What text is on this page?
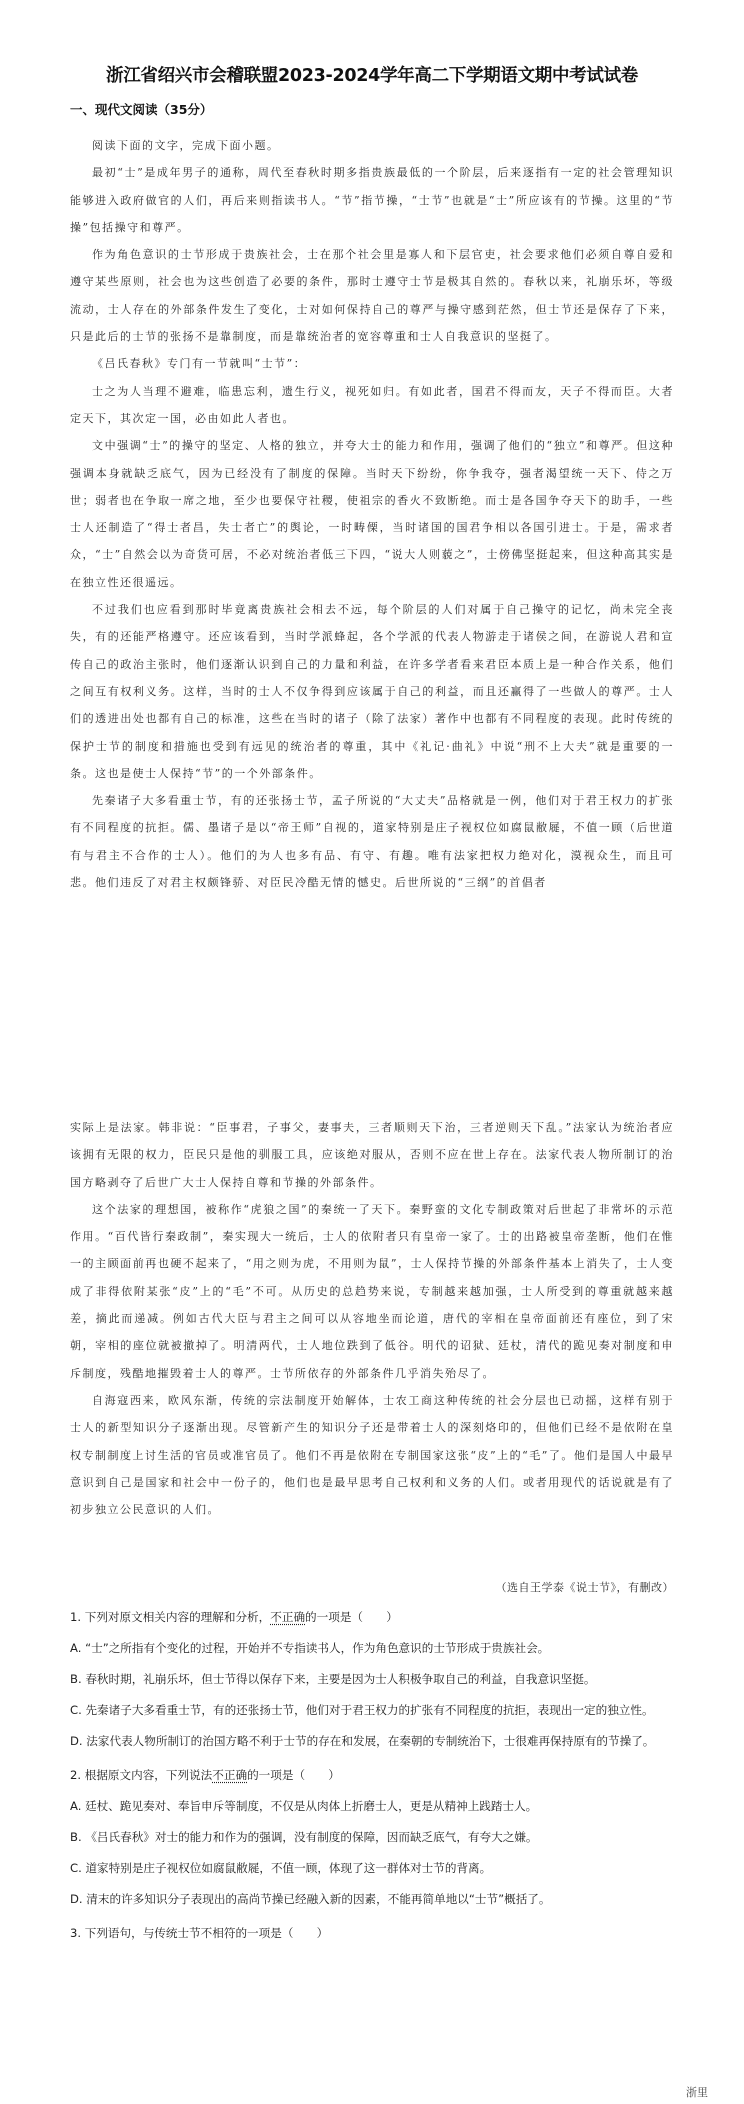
浙江省绍兴市会稽联盟2023-2024学年高二下学期语文期中考试试卷
一、现代文阅读（35分）

阅读下面的文字，完成下面小题。

最初“士”是成年男子的通称，周代至春秋时期多指贵族最低的一个阶层，后来逐指有一定的社会管理知识能够进入政府做官的人们，再后来则指读书人。“节”指节操，“士节”也就是“士”所应该有的节操。这里的“节操”包括操守和尊严。

作为角色意识的士节形成于贵族社会，士在那个社会里是寡人和下层官吏，社会要求他们必须自尊自爱和遵守某些原则，社会也为这些创造了必要的条件，那时士遵守士节是极其自然的。春秋以来，礼崩乐坏，等级流动，士人存在的外部条件发生了变化，士对如何保持自己的尊严与操守感到茫然，但士节还是保存了下来，只是此后的士节的张扬不是靠制度，而是靠统治者的宽容尊重和士人自我意识的坚挺了。

《吕氏春秋》专门有一节就叫“士节”：

士之为人当理不避难，临患忘利，遗生行义，视死如归。有如此者，国君不得而友，天子不得而臣。大者定天下，其次定一国，必由如此人者也。

文中强调“士”的操守的坚定、人格的独立，并夸大士的能力和作用，强调了他们的“独立”和尊严。但这种强调本身就缺乏底气，因为已经没有了制度的保障。当时天下纷纷，你争我夺，强者渴望统一天下、侍之万世；弱者也在争取一席之地，至少也要保守社稷，使祖宗的香火不致断绝。而士是各国争夺天下的助手，一些士人还制造了“得士者昌，失士者亡”的舆论，一时畴傈，当时诸国的国君争相以各国引进士。于是，需求者众，“士”自然会以为奇货可居，不必对统治者低三下四，“说大人则藐之”，士傍佛坚挺起来，但这种高其实是在独立性还很遥远。

不过我们也应看到那时毕竟离贵族社会相去不远，每个阶层的人们对属于自己操守的记忆，尚未完全丧失，有的还能严格遵守。还应该看到，当时学派蜂起，各个学派的代表人物游走于诸侯之间，在游说人君和宣传自己的政治主张时，他们逐渐认识到自己的力量和利益，在许多学者看来君臣本质上是一种合作关系，他们之间互有权利义务。这样，当时的士人不仅争得到应该属于自己的利益，而且还赢得了一些做人的尊严。士人们的透进出处也都有自己的标准，这些在当时的诸子（除了法家）著作中也都有不同程度的表现。此时传统的保护士节的制度和措施也受到有远见的统治者的尊重，其中《礼记·曲礼》中说“刑不上大夫”就是重要的一条。这也是使士人保持“节”的一个外部条件。

先秦诸子大多看重士节，有的还张扬士节，孟子所说的“大丈夫”品格就是一例，他们对于君王权力的扩张有不同程度的抗拒。儒、墨诸子是以“帝王师”自视的，道家特别是庄子视权位如腐鼠敝屣，不值一顾（后世道有与君主不合作的士人）。他们的为人也多有品、有守、有趣。唯有法家把权力绝对化，漠视众生，而且可悲。他们违反了对君主权颇锋骄、对臣民冷酷无情的憾史。后世所说的“三纲”的首倡者

实际上是法家。韩非说：“臣事君，子事父，妻事夫，三者顺则天下治，三者逆则天下乱。”法家认为统治者应该拥有无限的权力，臣民只是他的驯服工具，应该绝对服从，否则不应在世上存在。法家代表人物所制订的治国方略剥夺了后世广大士人保持自尊和节操的外部条件。

这个法家的理想国，被称作“虎狼之国”的秦统一了天下。秦野蛮的文化专制政策对后世起了非常坏的示范作用。“百代皆行秦政制”，秦实现大一统后，士人的依附者只有皇帝一家了。士的出路被皇帝垄断，他们在惟一的主顾面前再也硬不起来了，“用之则为虎，不用则为鼠”，士人保持节操的外部条件基本上消失了，士人变成了非得依附某张“皮”上的“毛”不可。从历史的总趋势来说，专制越来越加强，士人所受到的尊重就越来越差，摘此而递减。例如古代大臣与君主之间可以从容地坐而论道，唐代的宰相在皇帝面前还有座位，到了宋朝，宰相的座位就被撤掉了。明清两代，士人地位跌到了低谷。明代的诏狱、廷杖，清代的跪见奏对制度和申斥制度，残酷地摧毁着士人的尊严。士节所依存的外部条件几乎消失殆尽了。

自海寇西来，欧风东渐，传统的宗法制度开始解体，士农工商这种传统的社会分层也已动摇，这样有别于士人的新型知识分子逐渐出现。尽管新产生的知识分子还是带着士人的深刻烙印的，但他们已经不是依附在皇权专制制度上讨生活的官员或准官员了。他们不再是依附在专制国家这张“皮”上的“毛”了。他们是国人中最早意识到自己是国家和社会中一份子的，他们也是最早思考自己权利和义务的人们。或者用现代的话说就是有了初步独立公民意识的人们。

（选自王学泰《说士节》，有删改）
1. 下列对原文相关内容的理解和分析，不正确的一项是（　　）
A. “士”之所指有个变化的过程，开始并不专指读书人，作为角色意识的士节形成于贵族社会。
B. 春秋时期，礼崩乐坏，但士节得以保存下来，主要是因为士人积极争取自己的利益，自我意识坚挺。
C. 先秦诸子大多看重士节，有的还张扬士节，他们对于君王权力的扩张有不同程度的抗拒，表现出一定的独立性。
D. 法家代表人物所制订的治国方略不利于士节的存在和发展，在秦朝的专制统治下，士很难再保持原有的节操了。
2. 根据原文内容，下列说法不正确的一项是（　　）
A. 廷杖、跪见奏对、奉旨申斥等制度，不仅是从肉体上折磨士人，更是从精神上践踏士人。
B. 《吕氏春秋》对士的能力和作为的强调，没有制度的保障，因而缺乏底气，有夸大之嫌。
C. 道家特别是庄子视权位如腐鼠敝屣，不值一顾，体现了这一群体对士节的背离。
D. 清末的许多知识分子表现出的高尚节操已经融入新的因素，不能再简单地以“士节”概括了。
3. 下列语句，与传统士节不相符的一项是（　　）
浙里
